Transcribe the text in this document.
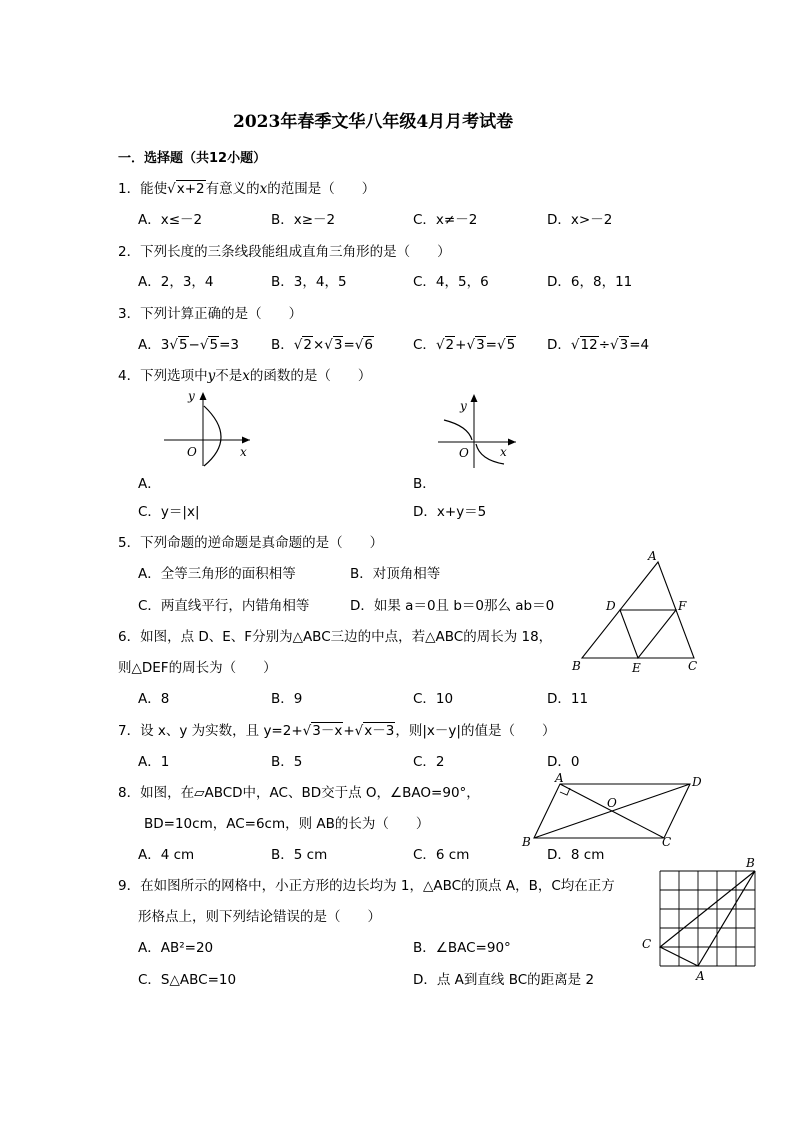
2023年春季文华八年级4月月考试卷
一．选择题（共12小题）
1．能使√x+2有意义的x的范围是（　　）
A．x≤－2	B．x≥－2	C．x≠－2	D．x>－2
2．下列长度的三条线段能组成直角三角形的是（　　）
A．2，3，4	B．3，4，5	C．4，5，6	D．6，8，11
3．下列计算正确的是（　　）
A．3√5−√5=3 B．√2×√3=√6	C．√2+√3=√5 D．√12÷√3=4
4．下列选项中y不是x的函数的是（　　）
y
x
O
A．
y
x
O
B．
C．y＝|x|	D．x+y＝5
5．下列命题的逆命题是真命题的是（　　）
A．全等三角形的面积相等	B．对顶角相等
C．两直线平行，内错角相等	D．如果 a＝0且 b＝0那么 ab＝0
A
B	C
D
E
F
6．如图，点 D、E、F分别为△ABC三边的中点，若△ABC的周长为 18，
则△DEF的周长为（　　）
A．8	B．9	C．10	D．11
7．设 x、y 为实数，且 y=2+√3－x+√x－3，则|x－y|的值是（　　）
A．1	B．5	C．2	D．0
A
B	C
D
O
8．如图，在▱ABCD中，AC、BD交于点 O，∠BAO=90°，
BD=10cm，AC=6cm，则 AB的长为（　　）
A．4 cm	B．5 cm	C．6 cm	D．8 cm
9．在如图所示的网格中，小正方形的边长均为 1，△ABC的顶点 A，B，C均在正方
形格点上，则下列结论错误的是（　　）
A．AB²=20	B．∠BAC=90°
C．S△ABC=10	D．点 A到直线 BC的距离是 2
B
C
A
